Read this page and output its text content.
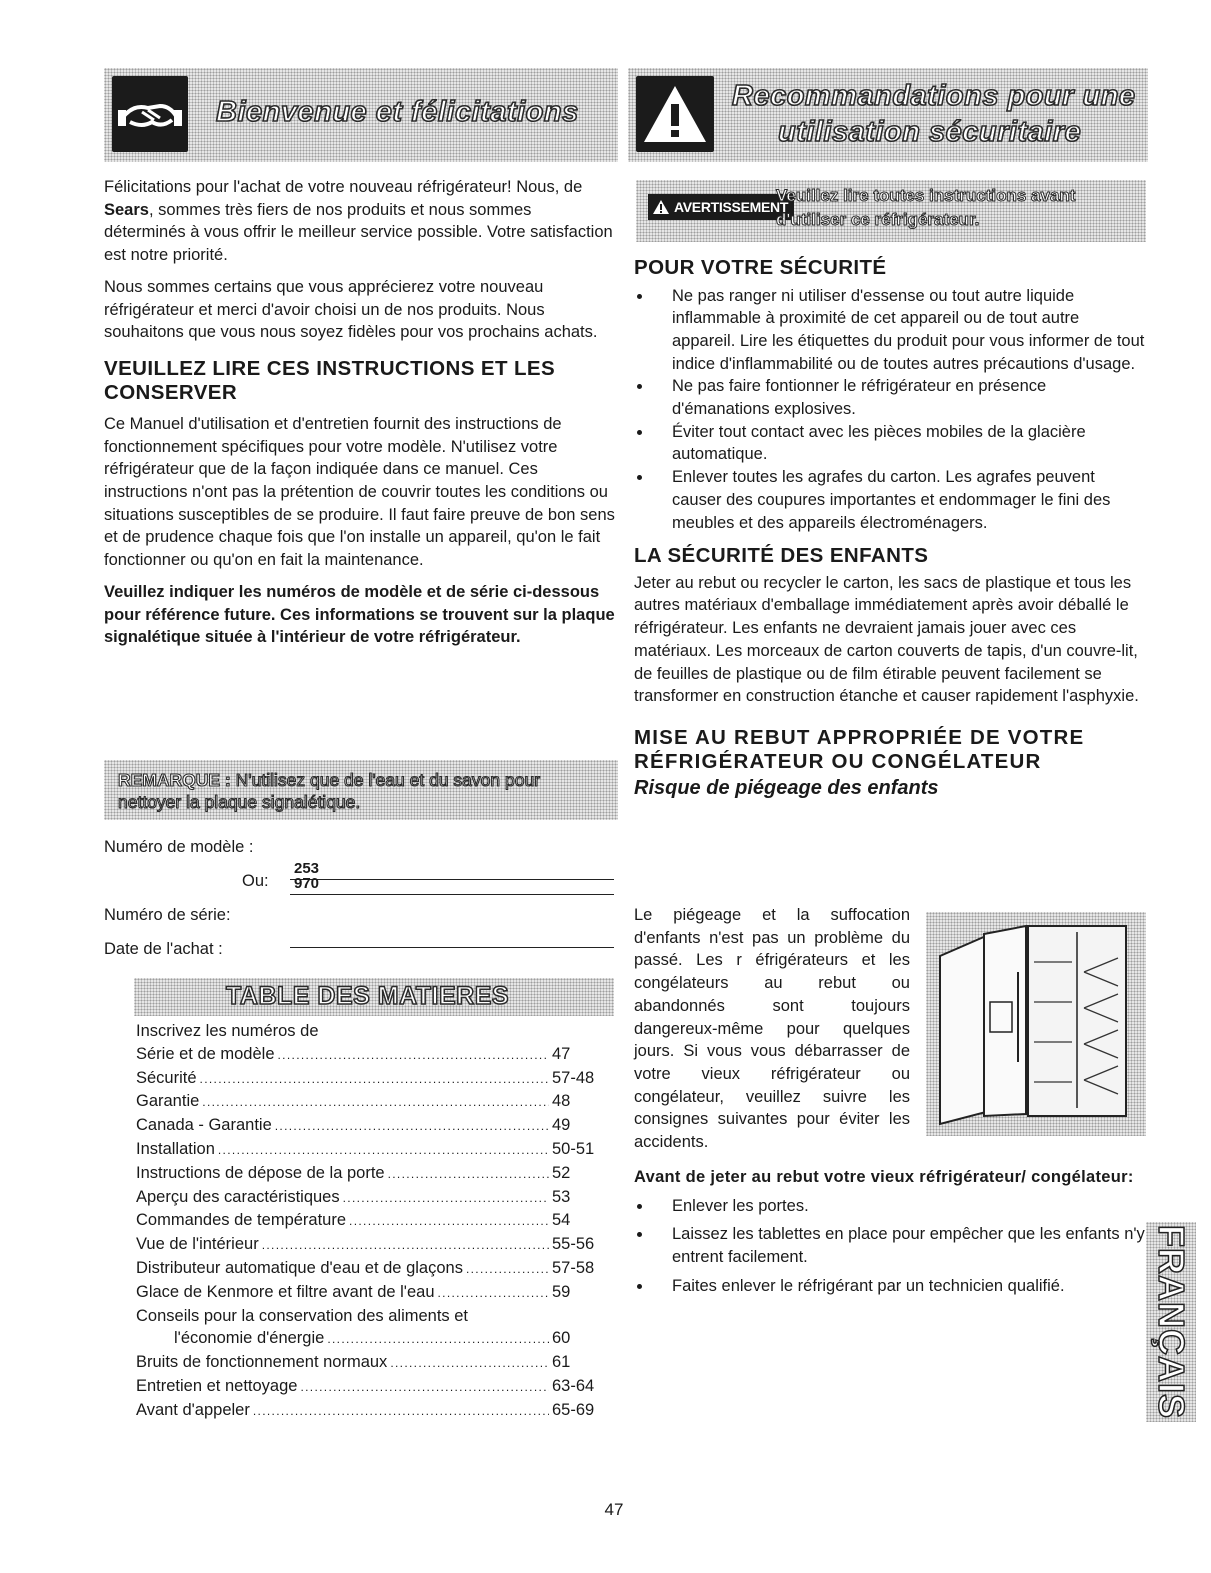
Bienvenue et félicitations	Recommandations pour une
utilisation sécuritaire

Félicitations pour l'achat de votre nouveau réfrigérateur! Nous, de Sears, sommes très fiers de nos produits et nous sommes déterminés à vous offrir le meilleur service possible. Votre satisfaction est notre priorité.

Nous sommes certains que vous apprécierez votre nouveau réfrigérateur et merci d'avoir choisi un de nos produits. Nous souhaitons que vous nous soyez fidèles pour vos prochains achats.

VEUILLEZ LIRE CES INSTRUCTIONS ET LES CONSERVER

Ce Manuel d'utilisation et d'entretien fournit des instructions de fonctionnement spécifiques pour votre modèle. N'utilisez votre réfrigérateur que de la façon indiquée dans ce manuel. Ces instructions n'ont pas la prétention de couvrir toutes les conditions ou situations susceptibles de se produire. Il faut faire preuve de bon sens et de prudence chaque fois que l'on installe un appareil, qu'on le fait fonctionner ou qu'on en fait la maintenance.

Veuillez indiquer les numéros de modèle et de série ci-dessous pour référence future. Ces informations se trouvent sur la plaque signalétique située à l'intérieur de votre réfrigérateur.

REMARQUE : N'utilisez que de l'eau et du savon pour nettoyer la plaque signalétique.
Numéro de modèle :
253
Ou: 970
Numéro de série:
Date de l'achat :
TABLE DES MATIERES
Inscrivez les numéros de
Série et de modèle . . .	47
Sécurité . . .	57-48
Garantie . . .	48
Canada - Garantie . . .	49
Installation . . .	50-51
Instructions de dépose de la porte . . .	52
Aperçu des caractéristiques . . .	53
Commandes de température . . .	54
Vue de l'intérieur . . .	55-56
Distributeur automatique d'eau et de glaçons . . .	57-58
Glace de Kenmore et filtre avant de l'eau . . .	59
Conseils pour la conservation des aliments et
l'économie d'énergie . . .	60
Bruits de fonctionnement normaux . . .	61
Entretien et nettoyage . . .	63-64
Avant d'appeler . . .	65-69
AVERTISSEMENT
Veuillez lire toutes instructions avant
d'utiliser ce réfrigérateur.
POUR VOTRE SÉCURITÉ
Ne pas ranger ni utiliser d'essense ou tout autre liquide inflammable à proximité de cet appareil ou de tout autre appareil. Lire les étiquettes du produit pour vous informer de tout indice d'inflammabilité ou de toutes autres précautions d'usage.
Ne pas faire fontionner le réfrigérateur en présence d'émanations explosives.
Éviter tout contact avec les pièces mobiles de la glacière automatique.
Enlever toutes les agrafes du carton. Les agrafes peuvent causer des coupures importantes et endommager le fini des meubles et des appareils électroménagers.
LA SÉCURITÉ DES ENFANTS

Jeter au rebut ou recycler le carton, les sacs de plastique et tous les autres matériaux d'emballage immédiatement après avoir déballé le réfrigérateur. Les enfants ne devraient jamais jouer avec ces matériaux. Les morceaux de carton couverts de tapis, d'un couvre-lit, de feuilles de plastique ou de film étirable peuvent facilement se transformer en construction étanche et causer rapidement l'asphyxie.

MISE AU REBUT APPROPRIÉE DE VOTRE RÉFRIGÉRATEUR OU CONGÉLATEUR

Risque de piégeage des enfants

Le piégeage et la suffocation d'enfants n'est pas un problème du passé. Les r éfrigérateurs et les congélateurs au rebut ou abandonnés sont toujours dangereux-même pour quelques jours. Si vous vous débarrasser de votre vieux réfrigérateur ou congélateur, veuillez suivre les consignes suivantes pour éviter les accidents.

Avant de jeter au rebut votre vieux réfrigérateur/ congélateur:

Enlever les portes.
Laissez les tablettes en place pour empêcher que les enfants n'y entrent facilement.
Faites enlever le réfrigérant par un technicien qualifié.	FRANÇAIS
47
